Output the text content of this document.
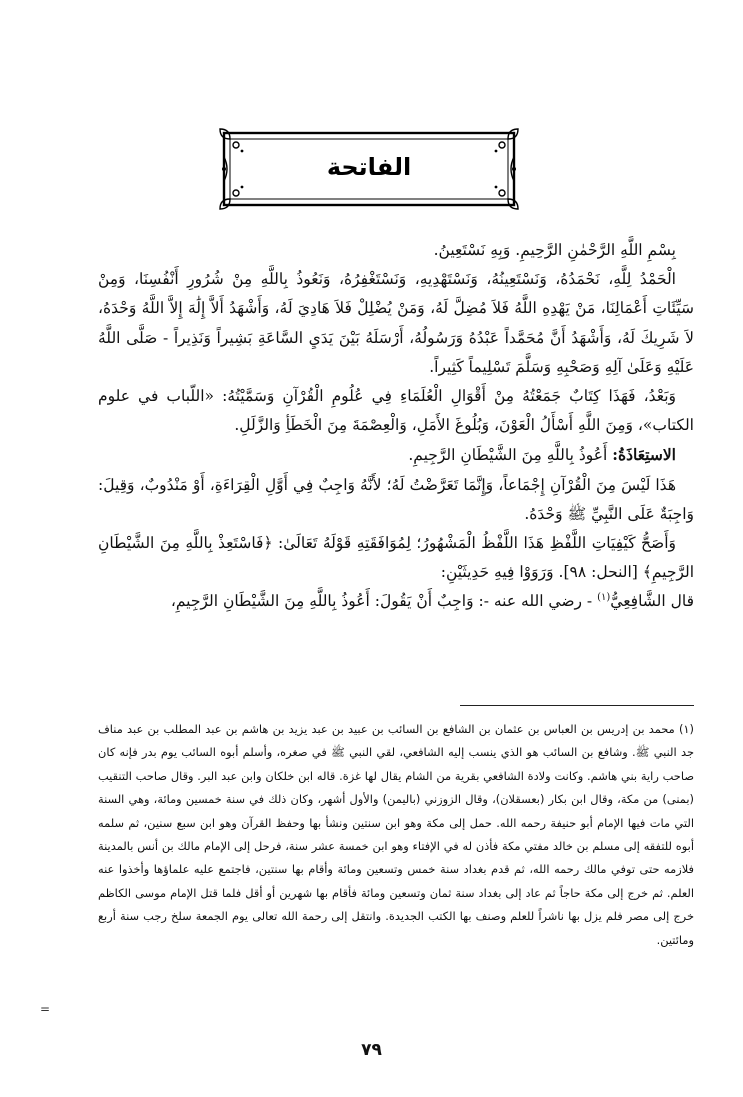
الفاتحة

بِسْمِ اللَّهِ الرَّحْمٰنِ الرَّحِيمِ. وَبِهِ نَسْتَعِينُ.

الْحَمْدُ لِلَّهِ، نَحْمَدُهُ، وَنَسْتَعِينُهُ، وَنَسْتَهْدِيهِ، وَنَسْتَغْفِرُهُ، وَنَعُوذُ بِاللَّهِ مِنْ شُرُورِ أَنْفُسِنَا، وَمِنْ سَيِّئَاتِ أَعْمَالِنَا، مَنْ يَهْدِهِ اللَّهُ فَلاَ مُضِلَّ لَهُ، وَمَنْ يُضْلِلْ فَلاَ هَادِيَ لَهُ، وَأَشْهَدُ أَلاَّ إِلَٰهَ إِلاَّ اللَّهُ وَحْدَهُ، لاَ شَرِيكَ لَهُ، وَأَشْهَدُ أَنَّ مُحَمَّداً عَبْدُهُ وَرَسُولُهُ، أَرْسَلَهُ بَيْنَ يَدَيِ السَّاعَةِ بَشِيراً وَنَذِيراً - صَلَّى اللَّهُ عَلَيْهِ وَعَلَىٰ آلِهِ وَصَحْبِهِ وَسَلَّمَ تَسْلِيماً كَثِيراً.

وَبَعْدُ، فَهَذَا كِتَابٌ جَمَعْتُهُ مِنْ أَقْوَالِ الْعُلَمَاءِ فِي عُلُومِ الْقُرْآنِ وَسَمَّيْتُهُ: «اللّباب في علوم الكتاب»، وَمِنَ اللَّهِ أَسْأَلُ الْعَوْنَ، وَبُلُوغَ الأَمَلِ، وَالْعِصْمَةَ مِنَ الْخَطَأِ وَالزَّلَلِ.

الاستِعَاذَةُ: أَعُوذُ بِاللَّهِ مِنَ الشَّيْطَانِ الرَّجِيمِ.

هَذَا لَيْسَ مِنَ الْقُرْآنِ إِجْمَاعاً، وَإِنَّمَا تَعَرَّضْتُ لَهُ؛ لأَنَّهُ وَاجِبٌ فِي أَوَّلِ الْقِرَاءَةِ، أَوْ مَنْدُوبٌ، وَقِيلَ: وَاجِبَةٌ عَلَى النَّبِيِّ ﷺ وَحْدَهُ.

وَأَصَحُّ كَيْفِيَاتِ اللَّفْظِ هَذَا اللَّفْظُ الْمَشْهُورُ؛ لِمُوَافَقَتِهِ قَوْلَهُ تَعَالَىٰ: ﴿فَاسْتَعِذْ بِاللَّهِ مِنَ الشَّيْطَانِ الرَّجِيمِ﴾ [النحل: ٩٨]. وَرَوَوْا فِيهِ حَدِيثَيْنِ:

قال الشَّافِعِيُّ$^{(١)}$ - رضي الله عنه -: وَاجِبٌ أَنْ يَقُولَ: أَعُوذُ بِاللَّهِ مِنَ الشَّيْطَانِ الرَّجِيمِ،

(١) محمد بن إدريس بن العباس بن عثمان بن الشافع بن السائب بن عبيد بن عبد يزيد بن هاشم بن عبد المطلب بن عبد مناف جد النبي ﷺ. وشافع بن السائب هو الذي ينسب إليه الشافعي، لقي النبي ﷺ في صغره، وأسلم أبوه السائب يوم بدر فإنه كان صاحب راية بني هاشم. وكانت ولادة الشافعي بقرية من الشام يقال لها غزة. قاله ابن خلكان وابن عبد البر. وقال صاحب التنقيب (بمنى) من مكة، وقال ابن بكار (بعسقلان)، وقال الزوزني (باليمن) والأول أشهر، وكان ذلك في سنة خمسين ومائة، وهي السنة التي مات فيها الإمام أبو حنيفة رحمه الله. حمل إلى مكة وهو ابن سنتين ونشأ بها وحفظ القرآن وهو ابن سبع سنين، ثم سلمه أبوه للتفقه إلى مسلم بن خالد مفتي مكة فأذن له في الإفتاء وهو ابن خمسة عشر سنة، فرحل إلى الإمام مالك بن أنس بالمدينة فلازمه حتى توفي مالك رحمه الله، ثم قدم بغداد سنة خمس وتسعين ومائة وأقام بها سنتين، فاجتمع عليه علماؤها وأخذوا عنه العلم. ثم خرج إلى مكة حاجاً ثم عاد إلى بغداد سنة ثمان وتسعين ومائة فأقام بها شهرين أو أقل فلما قتل الإمام موسى الكاظم خرج إلى مصر فلم يزل بها ناشراً للعلم وصنف بها الكتب الجديدة. وانتقل إلى رحمة الله تعالى يوم الجمعة سلخ رجب سنة أربع ومائتين.

=
٧٩
